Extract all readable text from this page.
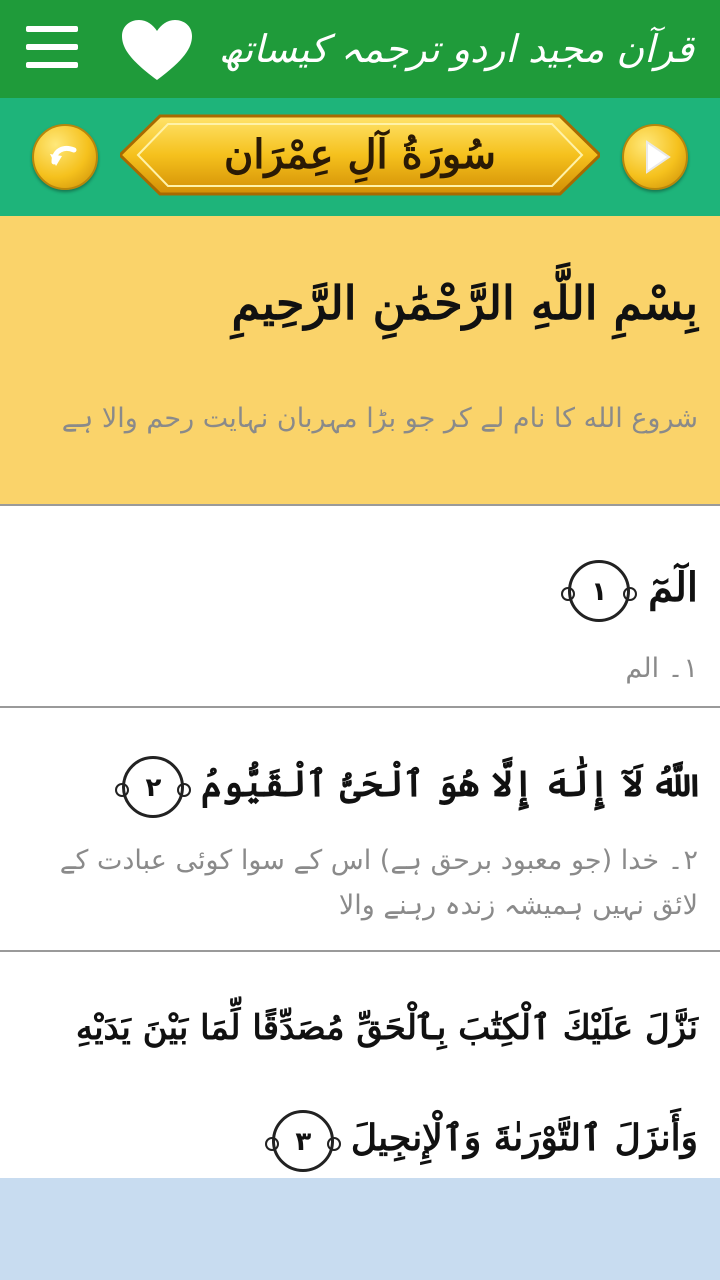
قرآن مجید اردو ترجمہ کیساتھ
سُورَةُ آلِ عِمْرَان
بِسْمِ اللَّهِ الرَّحْمَٰنِ الرَّحِيمِ
شروع الله کا نام لے کر جو بڑا مہربان نہایت رحم والا ہے
الٓمٓ ١
١۔ الم
اللَّهُ لَآ إِلَٰهَ إِلَّا هُوَ ٱلْحَىُّ ٱلْقَيُّومُ ٢
٢۔ خدا (جو معبود برحق ہے) اس کے سوا کوئی عبادت کے لائق نہیں ہمیشہ زندہ رہنے والا
نَزَّلَ عَلَيْكَ ٱلْكِتَٰبَ بِٱلْحَقِّ مُصَدِّقًا لِّمَا بَيْنَ يَدَيْهِ
وَأَنزَلَ ٱلتَّوْرَىٰةَ وَٱلْإِنجِيلَ ٣
